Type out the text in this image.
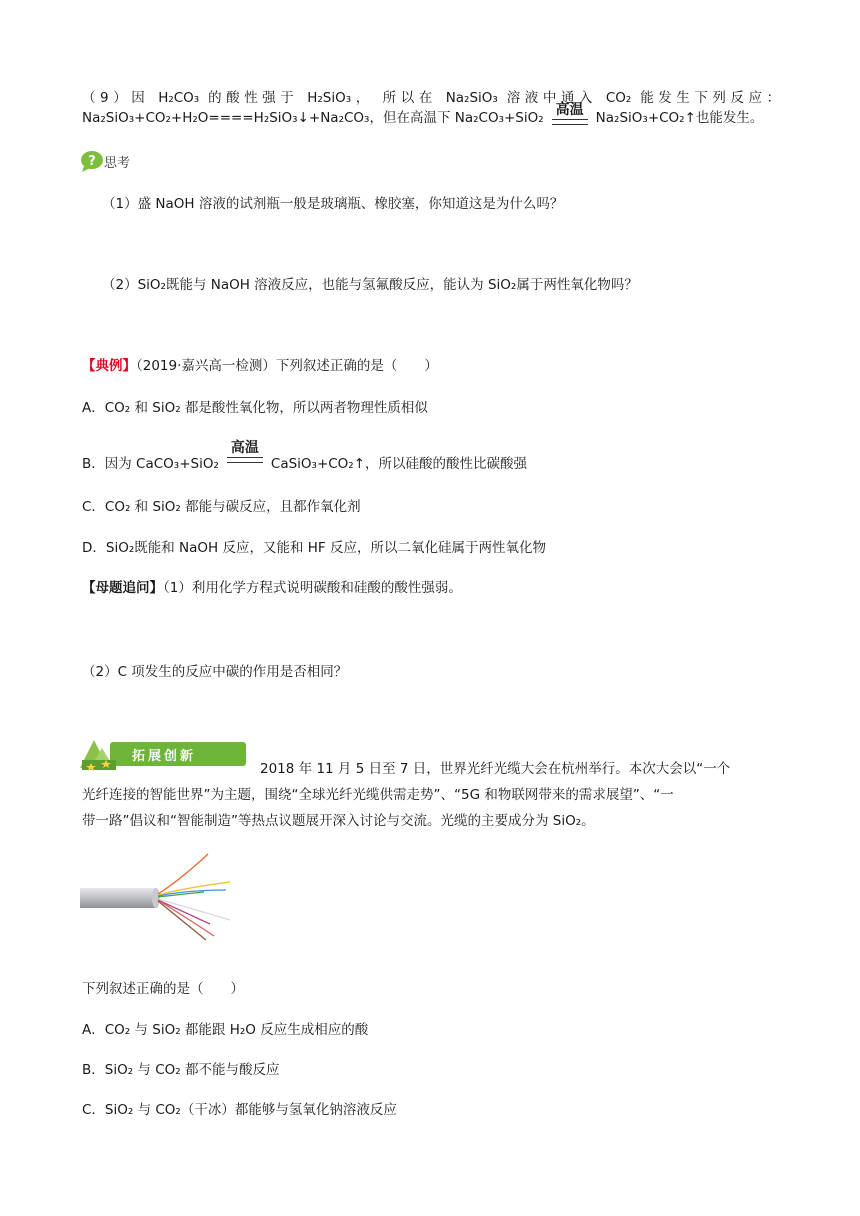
（9）因 H₂CO₃ 的酸性强于 H₂SiO₃， 所以在 Na₂SiO₃ 溶液中通入 CO₂ 能发生下列反应：
Na₂SiO₃+CO₂+H₂O====H₂SiO₃↓+Na₂CO₃，但在高温下 Na₂CO₃+SiO₂ 高温 Na₂SiO₃+CO₂↑也能发生。
? 思考
（1）盛 NaOH 溶液的试剂瓶一般是玻璃瓶、橡胶塞，你知道这是为什么吗？
（2）SiO₂既能与 NaOH 溶液反应，也能与氢氟酸反应，能认为 SiO₂属于两性氧化物吗？
【典例】（2019·嘉兴高一检测）下列叙述正确的是（　　）
A．CO₂ 和 SiO₂ 都是酸性氧化物，所以两者物理性质相似
B．因为 CaCO₃+SiO₂
高温
CaSiO₃+CO₂↑，所以硅酸的酸性比碳酸强
C．CO₂ 和 SiO₂ 都能与碳反应，且都作氧化剂
D．SiO₂既能和 NaOH 反应，又能和 HF 反应，所以二氧化硅属于两性氧化物
【母题追问】（1）利用化学方程式说明碳酸和硅酸的酸性强弱。
（2）C 项发生的反应中碳的作用是否相同？
拓展创新
2018 年 11 月 5 日至 7 日，世界光纤光缆大会在杭州举行。本次大会以“一个
光纤连接的智能世界”为主题，围绕“全球光纤光缆供需走势”、“5G 和物联网带来的需求展望”、“一
带一路”倡议和“智能制造”等热点议题展开深入讨论与交流。光缆的主要成分为 SiO₂。
下列叙述正确的是（　　）
A．CO₂ 与 SiO₂ 都能跟 H₂O 反应生成相应的酸
B．SiO₂ 与 CO₂ 都不能与酸反应
C．SiO₂ 与 CO₂（干冰）都能够与氢氧化钠溶液反应
